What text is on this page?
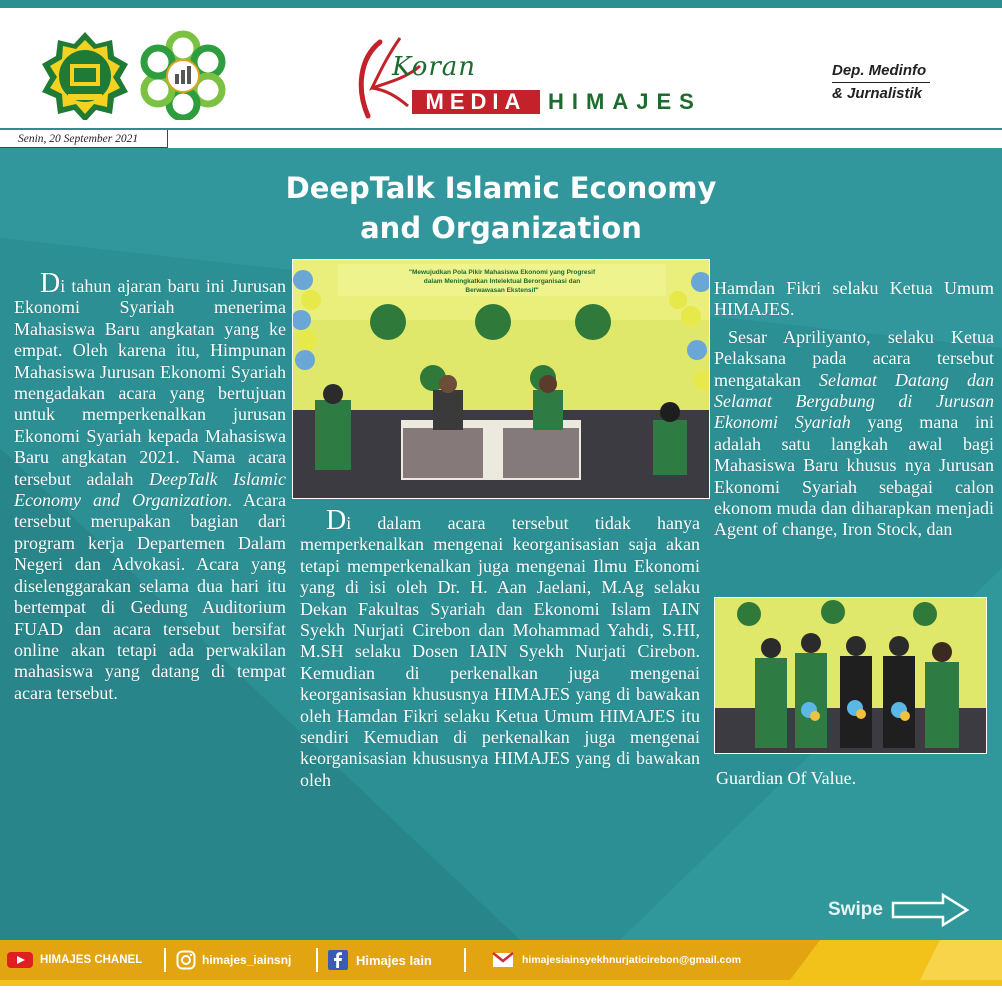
Koran
MEDIA HIMAJES
Dep. Medinfo
& Jurnalistik
Senin, 20 September 2021
DeepTalk Islamic Economy
and Organization

Di tahun ajaran baru ini Jurusan Ekonomi Syariah menerima Mahasiswa Baru angkatan yang ke empat. Oleh karena itu, Himpunan Mahasiswa Jurusan Ekonomi Syariah mengadakan acara yang bertujuan untuk memperkenalkan jurusan Ekonomi Syariah kepada Mahasiswa Baru angkatan 2021. Nama acara tersebut adalah DeepTalk Islamic Economy and Organization. Acara tersebut merupakan bagian dari program kerja Departemen Dalam Negeri dan Advokasi. Acara yang diselenggarakan selama dua hari itu bertempat di Gedung Auditorium FUAD dan acara tersebut bersifat online akan tetapi ada perwakilan mahasiswa yang datang di tempat acara tersebut.

"Mewujudkan Pola Pikir Mahasiswa Ekonomi yang Progresif
dalam Meningkatkan Intelektual Berorganisasi dan
Berwawasan Ekstensif"

Di dalam acara tersebut tidak hanya memperkenalkan mengenai keorganisasian saja akan tetapi memperkenalkan juga mengenai Ilmu Ekonomi yang di isi oleh Dr. H. Aan Jaelani, M.Ag selaku Dekan Fakultas Syariah dan Ekonomi Islam IAIN Syekh Nurjati Cirebon dan Mohammad Yahdi, S.HI, M.SH selaku Dosen IAIN Syekh Nurjati Cirebon. Kemudian di perkenalkan juga mengenai keorganisasian khususnya HIMAJES yang di bawakan oleh Hamdan Fikri selaku Ketua Umum HIMAJES itu sendiri Kemudian di perkenalkan juga mengenai keorganisasian khususnya HIMAJES yang di bawakan oleh

Hamdan Fikri selaku Ketua Umum HIMAJES.

Sesar Apriliyanto, selaku Ketua Pelaksana pada acara tersebut mengatakan Selamat Datang dan Selamat Bergabung di Jurusan Ekonomi Syariah yang mana ini adalah satu langkah awal bagi Mahasiswa Baru khusus nya Jurusan Ekonomi Syariah sebagai calon ekonom muda dan diharapkan menjadi Agent of change, Iron Stock, dan

Guardian Of Value.
Swipe
HIMAJES CHANEL	himajes_iainsnj	Himajes Iain	himajesiainsyekhnurjaticirebon@gmail.com
